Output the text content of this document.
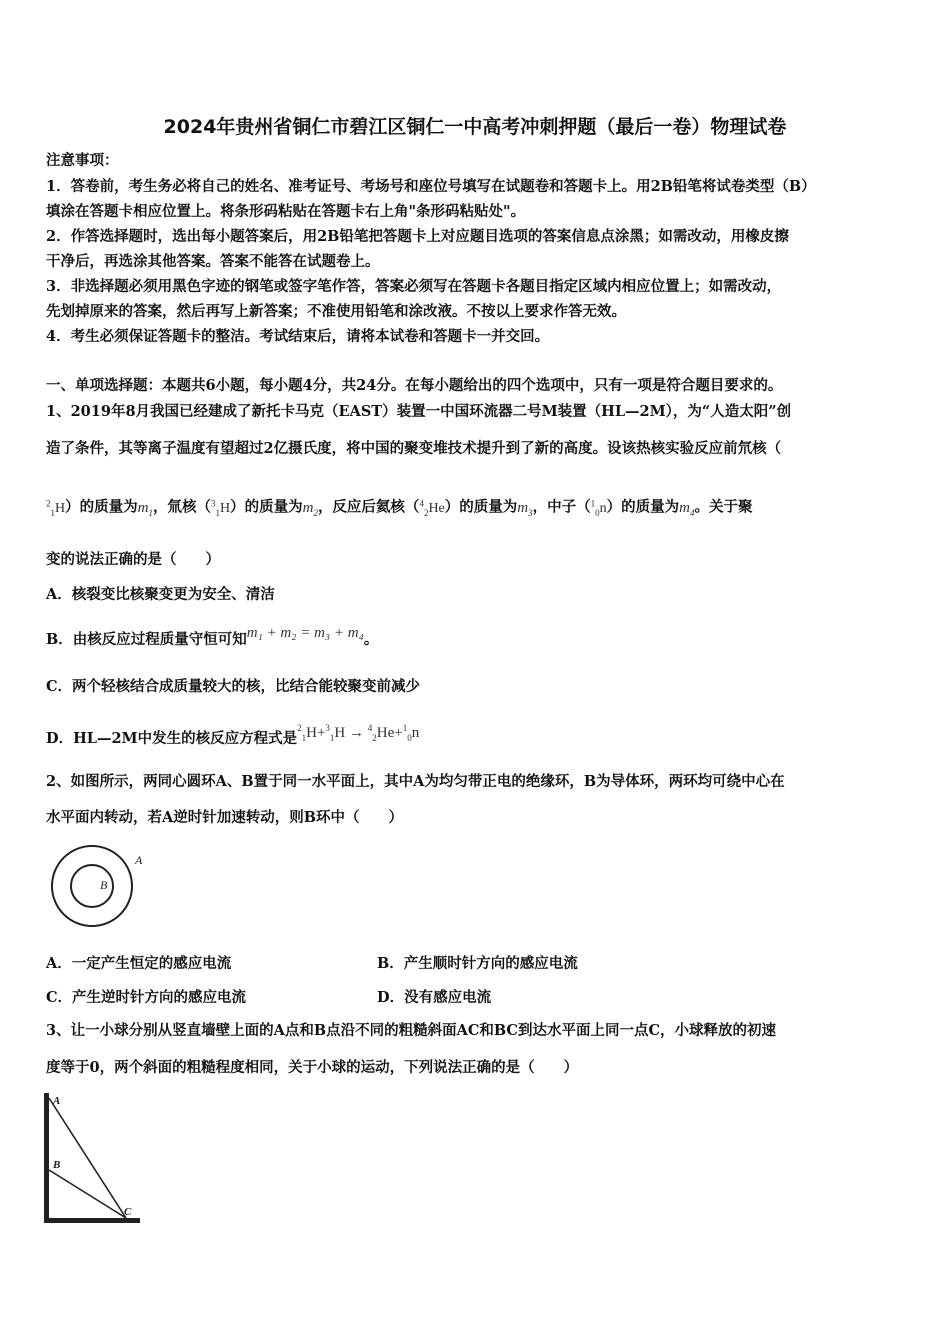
2024年贵州省铜仁市碧江区铜仁一中高考冲刺押题（最后一卷）物理试卷
注意事项：
1．答卷前，考生务必将自己的姓名、准考证号、考场号和座位号填写在试题卷和答题卡上。用2B铅笔将试卷类型（B）
填涂在答题卡相应位置上。将条形码粘贴在答题卡右上角"条形码粘贴处"。
2．作答选择题时，选出每小题答案后，用2B铅笔把答题卡上对应题目选项的答案信息点涂黑；如需改动，用橡皮擦
干净后，再选涂其他答案。答案不能答在试题卷上。
3．非选择题必须用黑色字迹的钢笔或签字笔作答，答案必须写在答题卡各题目指定区域内相应位置上；如需改动，
先划掉原来的答案，然后再写上新答案；不准使用铅笔和涂改液。不按以上要求作答无效。
4．考生必须保证答题卡的整洁。考试结束后，请将本试卷和答题卡一并交回。
一、单项选择题：本题共6小题，每小题4分，共24分。在每小题给出的四个选项中，只有一项是符合题目要求的。
1、2019年8月我国已经建成了新托卡马克（EAST）装置一中国环流器二号M装置（HL—2M），为“人造太阳”创
造了条件，其等离子温度有望超过2亿摄氏度，将中国的聚变堆技术提升到了新的高度。设该热核实验反应前氘核（
$^2_1$H）的质量为$m_1$，氚核（$^3_1$H）的质量为$m_2$，反应后氦核（$^4_2$He）的质量为$m_3$，中子（$^1_0$n）的质量为$m_4$。关于聚
变的说法正确的是（　　）
A．核裂变比核聚变更为安全、清洁
B．由核反应过程质量守恒可知m₁ + m₂ = m₃ + m₄。
C．两个轻核结合成质量较大的核，比结合能较聚变前减少
D．HL—2M中发生的核反应方程式是$^2_1$H+$^3_1$H → $^4_2$He+$^1_0$n
2、如图所示，两同心圆环A、B置于同一水平面上，其中A为均匀带正电的绝缘环，B为导体环，两环均可绕中心在
水平面内转动，若A逆时针加速转动，则B环中（　　）
A
B
A．一定产生恒定的感应电流	B．产生顺时针方向的感应电流
C．产生逆时针方向的感应电流	D．没有感应电流
3、让一小球分别从竖直墙壁上面的A点和B点沿不同的粗糙斜面AC和BC到达水平面上同一点C，小球释放的初速
度等于0，两个斜面的粗糙程度相同，关于小球的运动，下列说法正确的是（　　）
A
B
C
